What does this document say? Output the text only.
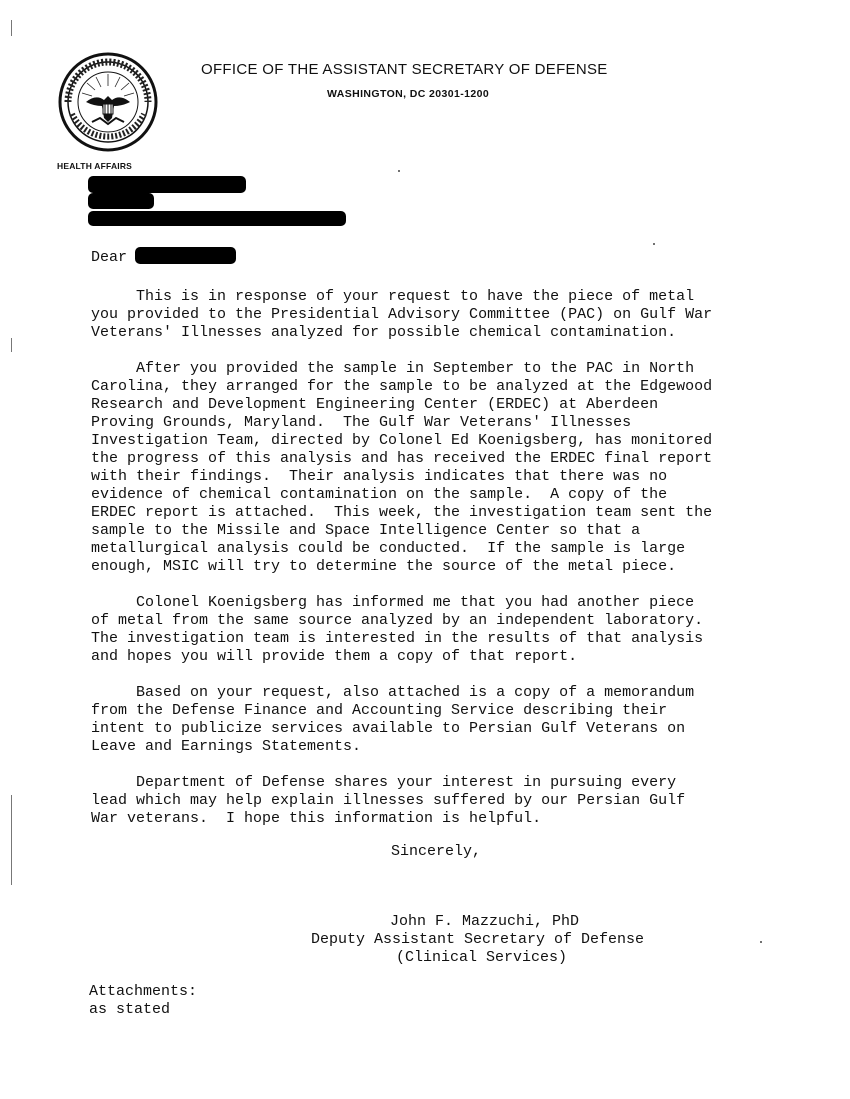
OFFICE OF THE ASSISTANT SECRETARY OF DEFENSE
WASHINGTON, DC 20301-1200
HEALTH AFFAIRS
Dear
This is in response of your request to have the piece of metal
you provided to the Presidential Advisory Committee (PAC) on Gulf War
Veterans' Illnesses analyzed for possible chemical contamination.
After you provided the sample in September to the PAC in North
Carolina, they arranged for the sample to be analyzed at the Edgewood
Research and Development Engineering Center (ERDEC) at Aberdeen
Proving Grounds, Maryland.  The Gulf War Veterans' Illnesses
Investigation Team, directed by Colonel Ed Koenigsberg, has monitored
the progress of this analysis and has received the ERDEC final report
with their findings.  Their analysis indicates that there was no
evidence of chemical contamination on the sample.  A copy of the
ERDEC report is attached.  This week, the investigation team sent the
sample to the Missile and Space Intelligence Center so that a
metallurgical analysis could be conducted.  If the sample is large
enough, MSIC will try to determine the source of the metal piece.
Colonel Koenigsberg has informed me that you had another piece
of metal from the same source analyzed by an independent laboratory.
The investigation team is interested in the results of that analysis
and hopes you will provide them a copy of that report.
Based on your request, also attached is a copy of a memorandum
from the Defense Finance and Accounting Service describing their
intent to publicize services available to Persian Gulf Veterans on
Leave and Earnings Statements.
Department of Defense shares your interest in pursuing every
lead which may help explain illnesses suffered by our Persian Gulf
War veterans.  I hope this information is helpful.
Sincerely,
John F. Mazzuchi, PhD
Deputy Assistant Secretary of Defense
(Clinical Services)
Attachments:
as stated
